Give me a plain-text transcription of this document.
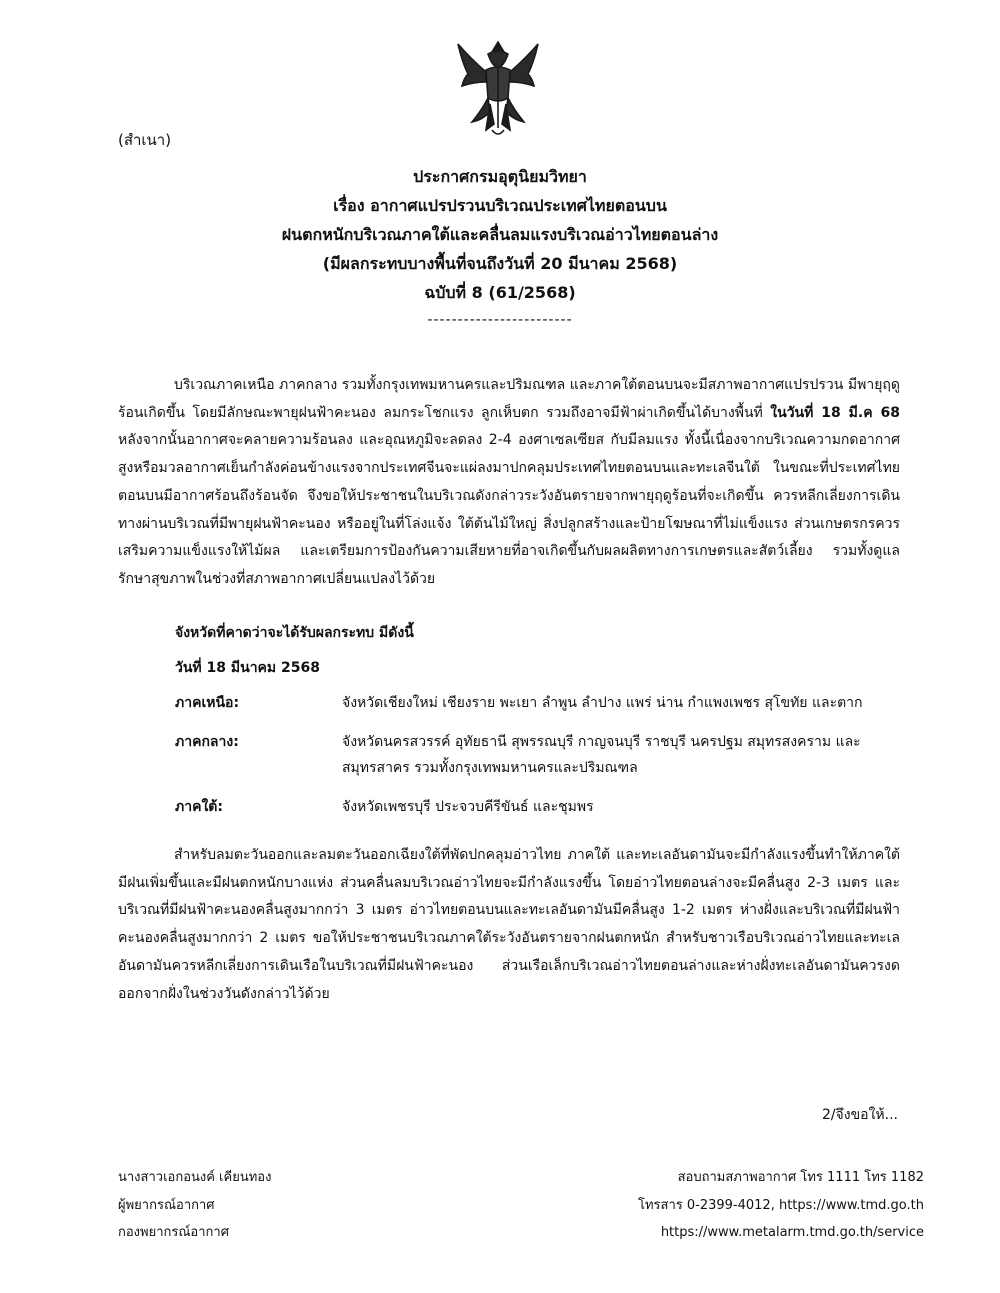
(สำเนา)
ประกาศกรมอุตุนิยมวิทยา
เรื่อง อากาศแปรปรวนบริเวณประเทศไทยตอนบน
ฝนตกหนักบริเวณภาคใต้และคลื่นลมแรงบริเวณอ่าวไทยตอนล่าง
(มีผลกระทบบางพื้นที่จนถึงวันที่ 20 มีนาคม 2568)
ฉบับที่ 8 (61/2568)
------------------------
บริเวณภาคเหนือ ภาคกลาง รวมทั้งกรุงเทพมหานครและปริมณฑล และภาคใต้ตอนบนจะมีสภาพอากาศแปรปรวน มีพายุฤดูร้อนเกิดขึ้น โดยมีลักษณะพายุฝนฟ้าคะนอง ลมกระโชกแรง ลูกเห็บตก รวมถึงอาจมีฟ้าผ่าเกิดขึ้นได้บางพื้นที่ ในวันที่ 18 มี.ค 68 หลังจากนั้นอากาศจะคลายความร้อนลง และอุณหภูมิจะลดลง 2-4 องศาเซลเซียส กับมีลมแรง ทั้งนี้เนื่องจากบริเวณความกดอากาศสูงหรือมวลอากาศเย็นกำลังค่อนข้างแรงจากประเทศจีนจะแผ่ลงมาปกคลุมประเทศไทยตอนบนและทะเลจีนใต้ ในขณะที่ประเทศไทยตอนบนมีอากาศร้อนถึงร้อนจัด จึงขอให้ประชาชนในบริเวณดังกล่าวระวังอันตรายจากพายุฤดูร้อนที่จะเกิดขึ้น ควรหลีกเลี่ยงการเดินทางผ่านบริเวณที่มีพายุฝนฟ้าคะนอง หรืออยู่ในที่โล่งแจ้ง ใต้ต้นไม้ใหญ่ สิ่งปลูกสร้างและป้ายโฆษณาที่ไม่แข็งแรง ส่วนเกษตรกรควรเสริมความแข็งแรงให้ไม้ผล และเตรียมการป้องกันความเสียหายที่อาจเกิดขึ้นกับผลผลิตทางการเกษตรและสัตว์เลี้ยง รวมทั้งดูแลรักษาสุขภาพในช่วงที่สภาพอากาศเปลี่ยนแปลงไว้ด้วย
จังหวัดที่คาดว่าจะได้รับผลกระทบ มีดังนี้
วันที่ 18 มีนาคม 2568
ภาคเหนือ:	จังหวัดเชียงใหม่ เชียงราย พะเยา ลำพูน ลำปาง แพร่ น่าน กำแพงเพชร สุโขทัย และตาก
ภาคกลาง:	จังหวัดนครสวรรค์ อุทัยธานี สุพรรณบุรี กาญจนบุรี ราชบุรี นครปฐม สมุทรสงคราม และสมุทรสาคร รวมทั้งกรุงเทพมหานครและปริมณฑล
ภาคใต้:	จังหวัดเพชรบุรี ประจวบคีรีขันธ์ และชุมพร
สำหรับลมตะวันออกและลมตะวันออกเฉียงใต้ที่พัดปกคลุมอ่าวไทย ภาคใต้ และทะเลอันดามันจะมีกำลังแรงขึ้นทำให้ภาคใต้มีฝนเพิ่มขึ้นและมีฝนตกหนักบางแห่ง ส่วนคลื่นลมบริเวณอ่าวไทยจะมีกำลังแรงขึ้น โดยอ่าวไทยตอนล่างจะมีคลื่นสูง 2-3 เมตร และบริเวณที่มีฝนฟ้าคะนองคลื่นสูงมากกว่า 3 เมตร อ่าวไทยตอนบนและทะเลอันดามันมีคลื่นสูง 1-2 เมตร ห่างฝั่งและบริเวณที่มีฝนฟ้าคะนองคลื่นสูงมากกว่า 2 เมตร ขอให้ประชาชนบริเวณภาคใต้ระวังอันตรายจากฝนตกหนัก สำหรับชาวเรือบริเวณอ่าวไทยและทะเลอันดามันควรหลีกเลี่ยงการเดินเรือในบริเวณที่มีฝนฟ้าคะนอง ส่วนเรือเล็กบริเวณอ่าวไทยตอนล่างและห่างฝั่งทะเลอันดามันควรงดออกจากฝั่งในช่วงวันดังกล่าวไว้ด้วย
2/จึงขอให้...
นางสาวเอกอนงค์ เคียนทอง
ผู้พยากรณ์อากาศ
กองพยากรณ์อากาศ
สอบถามสภาพอากาศ โทร 1111 โทร 1182
โทรสาร 0-2399-4012, https://www.tmd.go.th
https://www.metalarm.tmd.go.th/service
